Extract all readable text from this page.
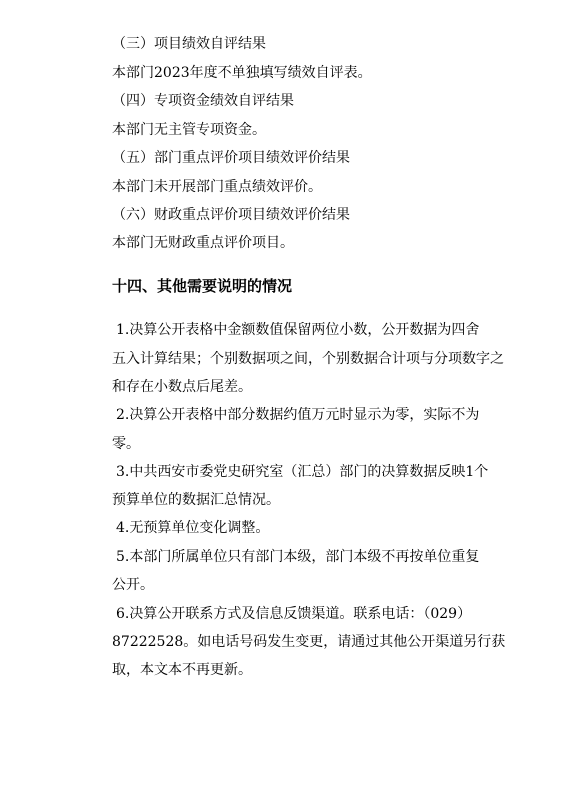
（三）项目绩效自评结果
本部门2023年度不单独填写绩效自评表。
（四）专项资金绩效自评结果
本部门无主管专项资金。
（五）部门重点评价项目绩效评价结果
本部门未开展部门重点绩效评价。
（六）财政重点评价项目绩效评价结果
本部门无财政重点评价项目。
十四、其他需要说明的情况
1.决算公开表格中金额数值保留两位小数，公开数据为四舍
五入计算结果；个别数据项之间，个别数据合计项与分项数字之
和存在小数点后尾差。
2.决算公开表格中部分数据约值万元时显示为零，实际不为
零。
3.中共西安市委党史研究室（汇总）部门的决算数据反映1个
预算单位的数据汇总情况。
4.无预算单位变化调整。
5.本部门所属单位只有部门本级，部门本级不再按单位重复
公开。
6.决算公开联系方式及信息反馈渠道。联系电话：（029）
87222528。如电话号码发生变更，请通过其他公开渠道另行获
取，本文本不再更新。
